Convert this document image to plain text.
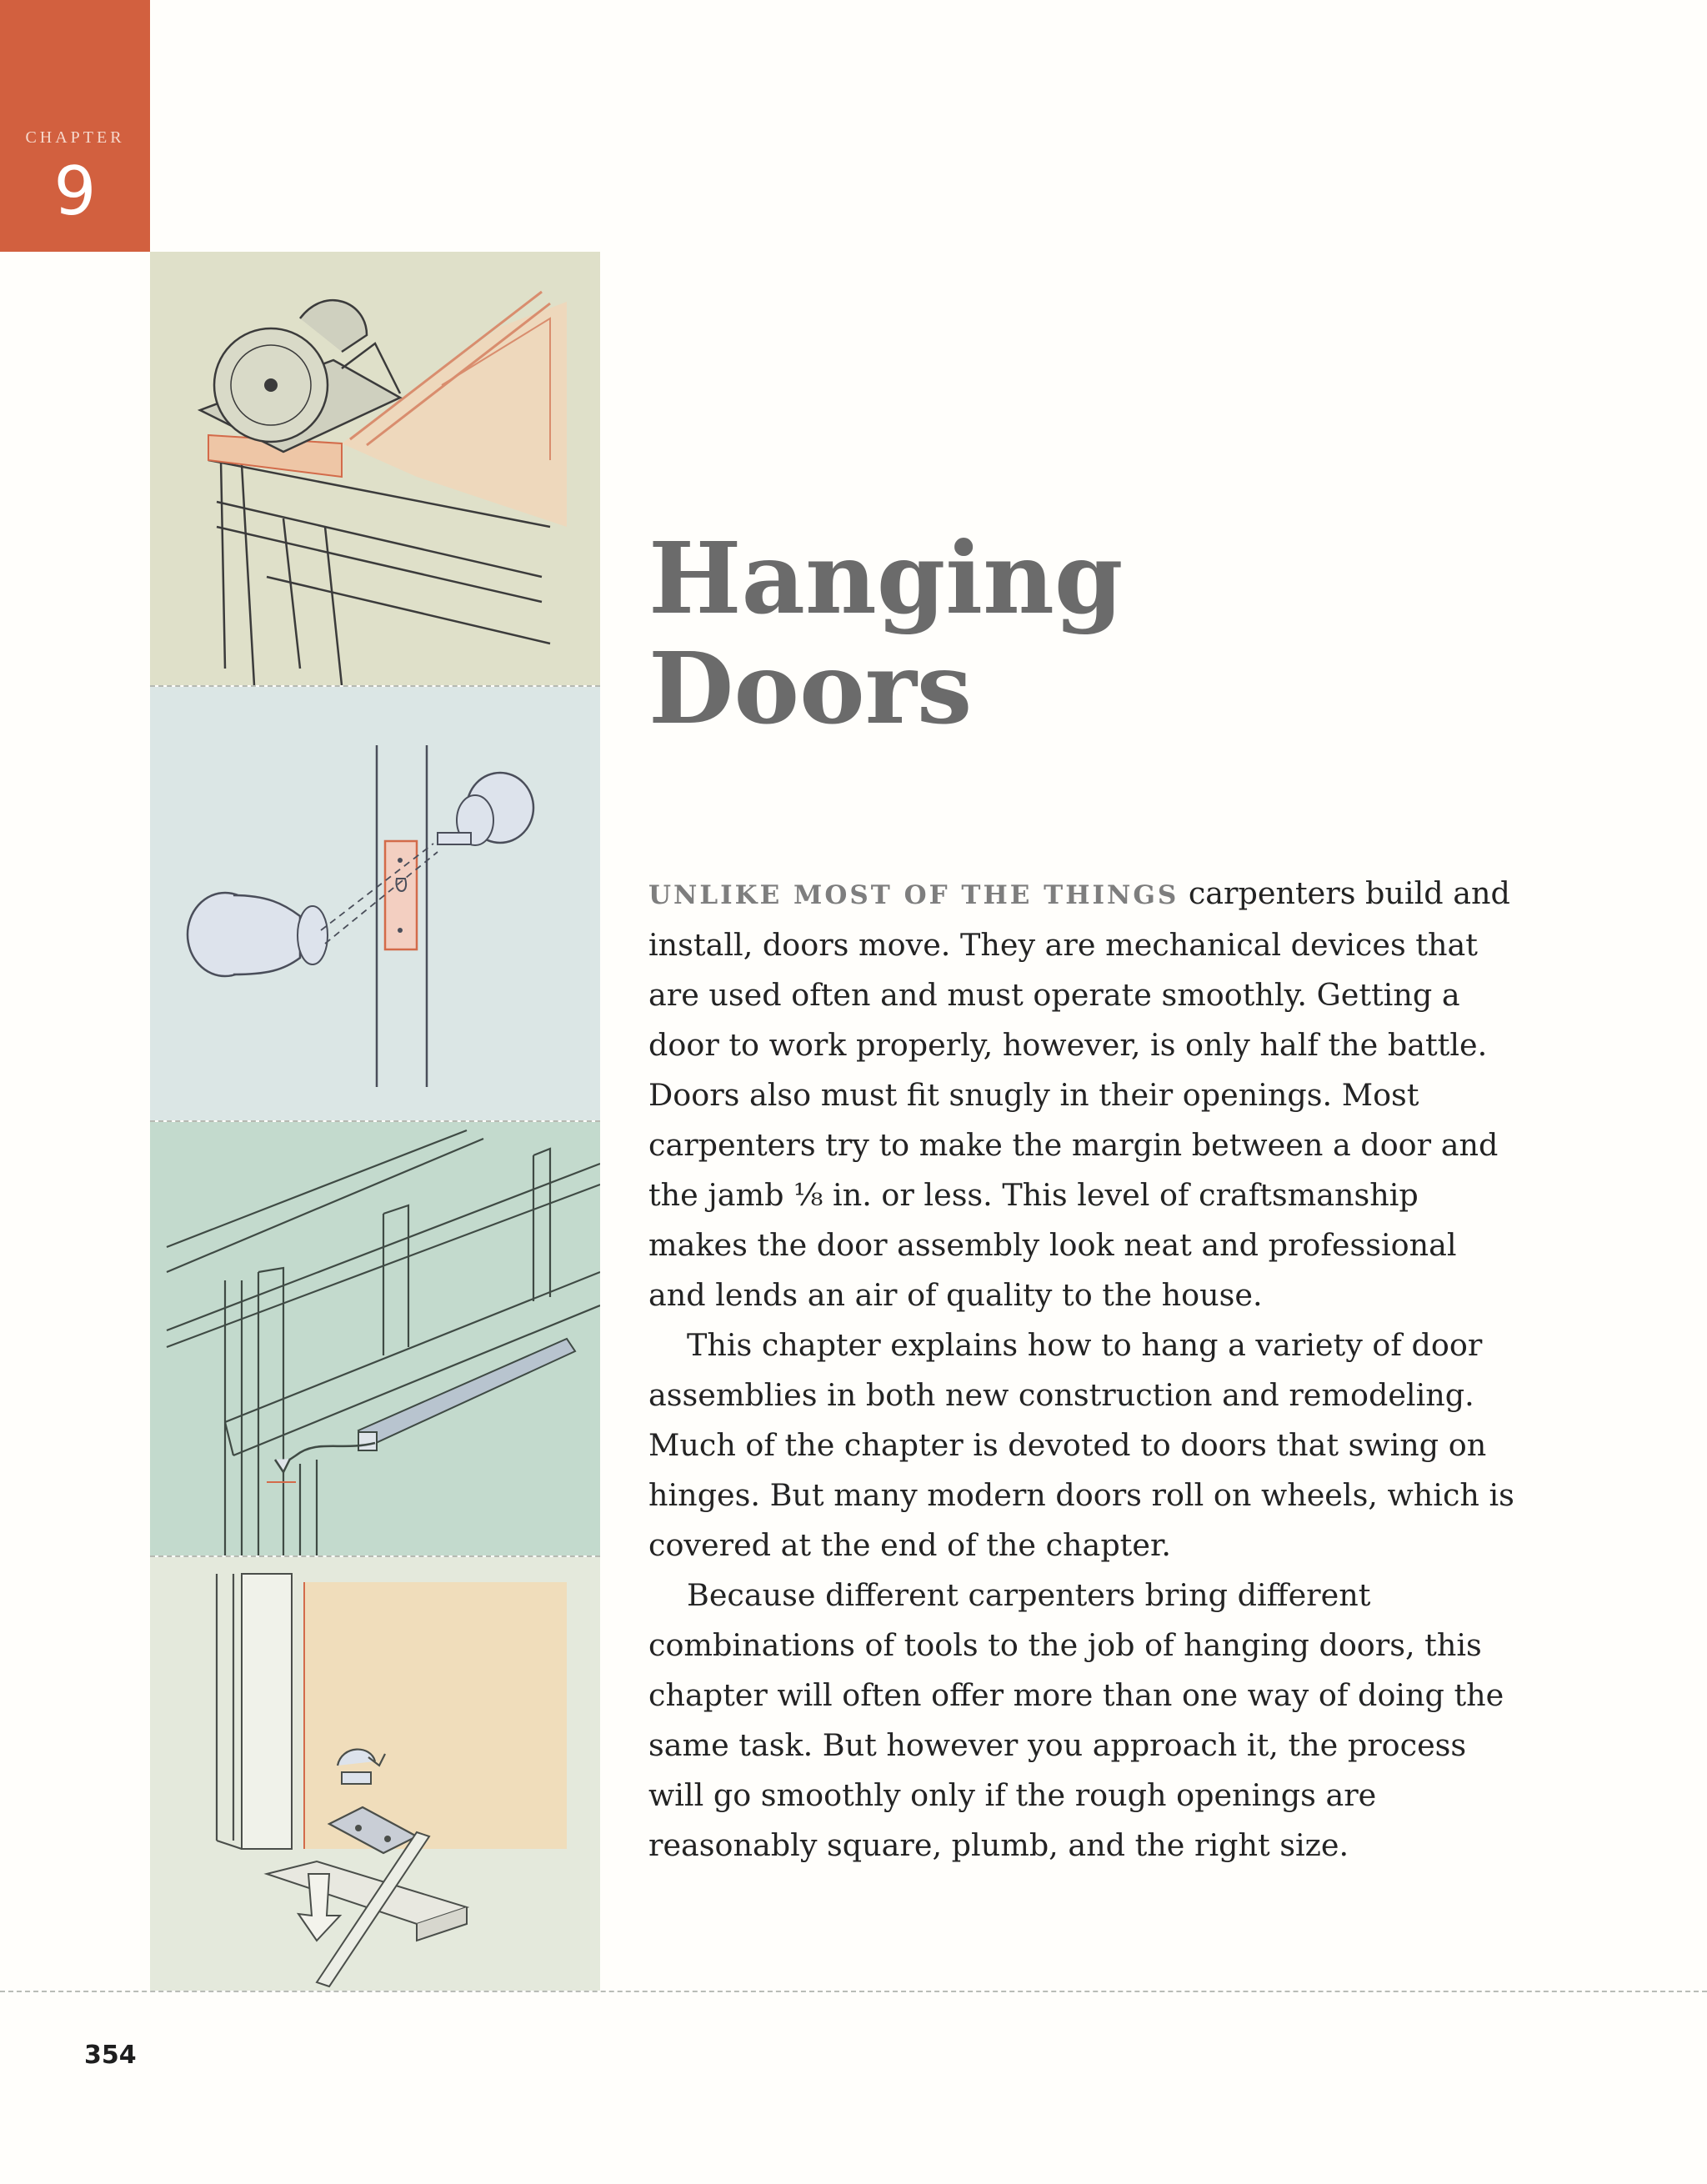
CHAPTER
9
Hanging
Doors

UNLIKE MOST OF THE THINGS carpenters build and install, doors move. They are mechanical devices that are used often and must operate smoothly. Getting a door to work properly, however, is only half the battle. Doors also must fit snugly in their openings. Most carpenters try to make the margin between a door and the jamb ⅛ in. or less. This level of craftsmanship makes the door assembly look neat and professional and lends an air of quality to the house.

This chapter explains how to hang a variety of door assemblies in both new construction and remodeling. Much of the chapter is devoted to doors that swing on hinges. But many modern doors roll on wheels, which is covered at the end of the chapter.

Because different carpenters bring different combinations of tools to the job of hanging doors, this chapter will often offer more than one way of doing the same task. But however you approach it, the process will go smoothly only if the rough openings are reasonably square, plumb, and the right size.

354
